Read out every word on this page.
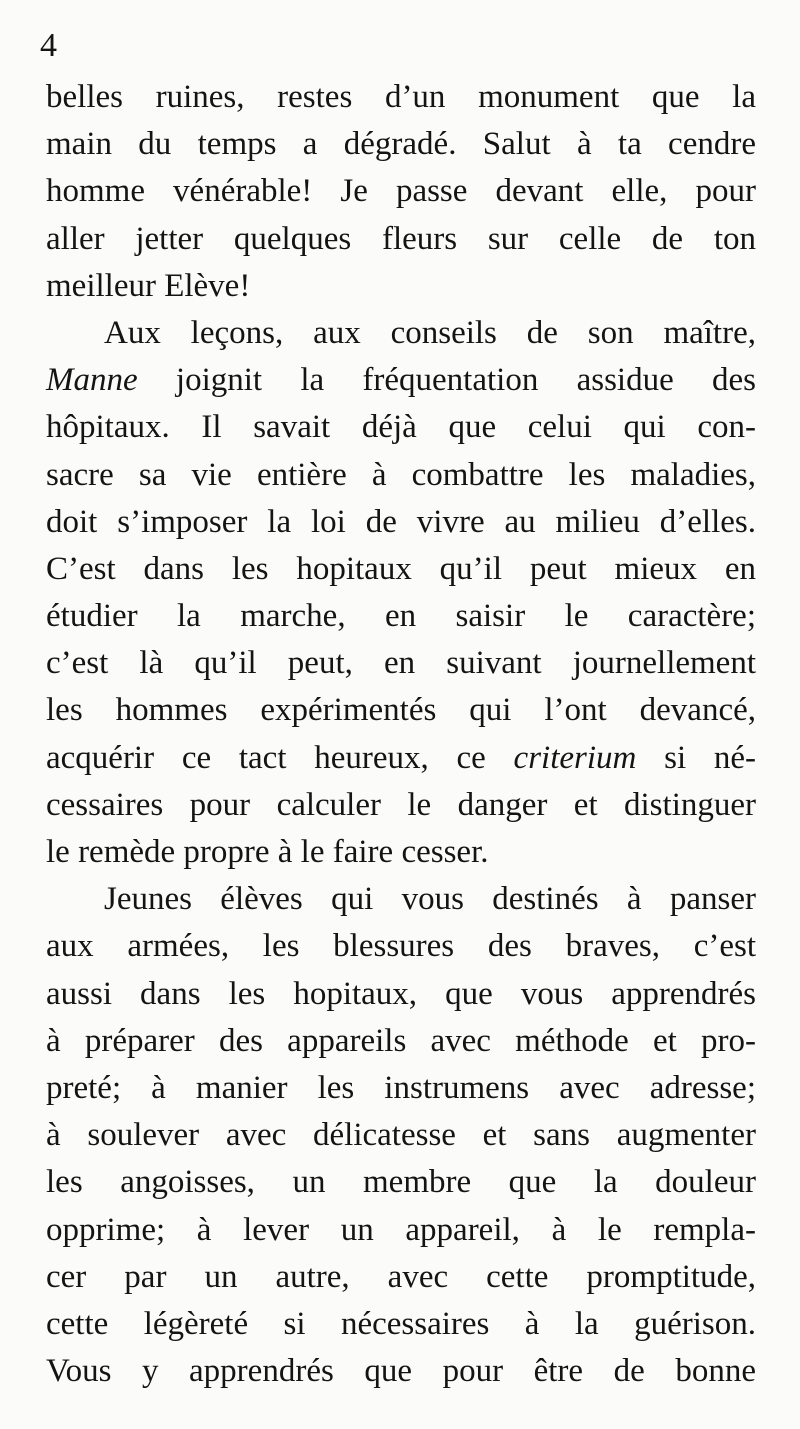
4
belles ruines, restes d’un monument que la
main du temps a dégradé. Salut à ta cendre
homme vénérable! Je passe devant elle, pour
aller jetter quelques fleurs sur celle de ton
meilleur Elève!
Aux leçons, aux conseils de son maître,
Manne joignit la fréquentation assidue des
hôpitaux. Il savait déjà que celui qui con-
sacre sa vie entière à combattre les maladies,
doit s’imposer la loi de vivre au milieu d’elles.
C’est dans les hopitaux qu’il peut mieux en
étudier la marche, en saisir le caractère;
c’est là qu’il peut, en suivant journellement
les hommes expérimentés qui l’ont devancé,
acquérir ce tact heureux, ce criterium si né-
cessaires pour calculer le danger et distinguer
le remède propre à le faire cesser.
Jeunes élèves qui vous destinés à panser
aux armées, les blessures des braves, c’est
aussi dans les hopitaux, que vous apprendrés
à préparer des appareils avec méthode et pro-
preté; à manier les instrumens avec adresse;
à soulever avec délicatesse et sans augmenter
les angoisses, un membre que la douleur
opprime; à lever un appareil, à le rempla-
cer par un autre, avec cette promptitude,
cette légèreté si nécessaires à la guérison.
Vous y apprendrés que pour être de bonne
